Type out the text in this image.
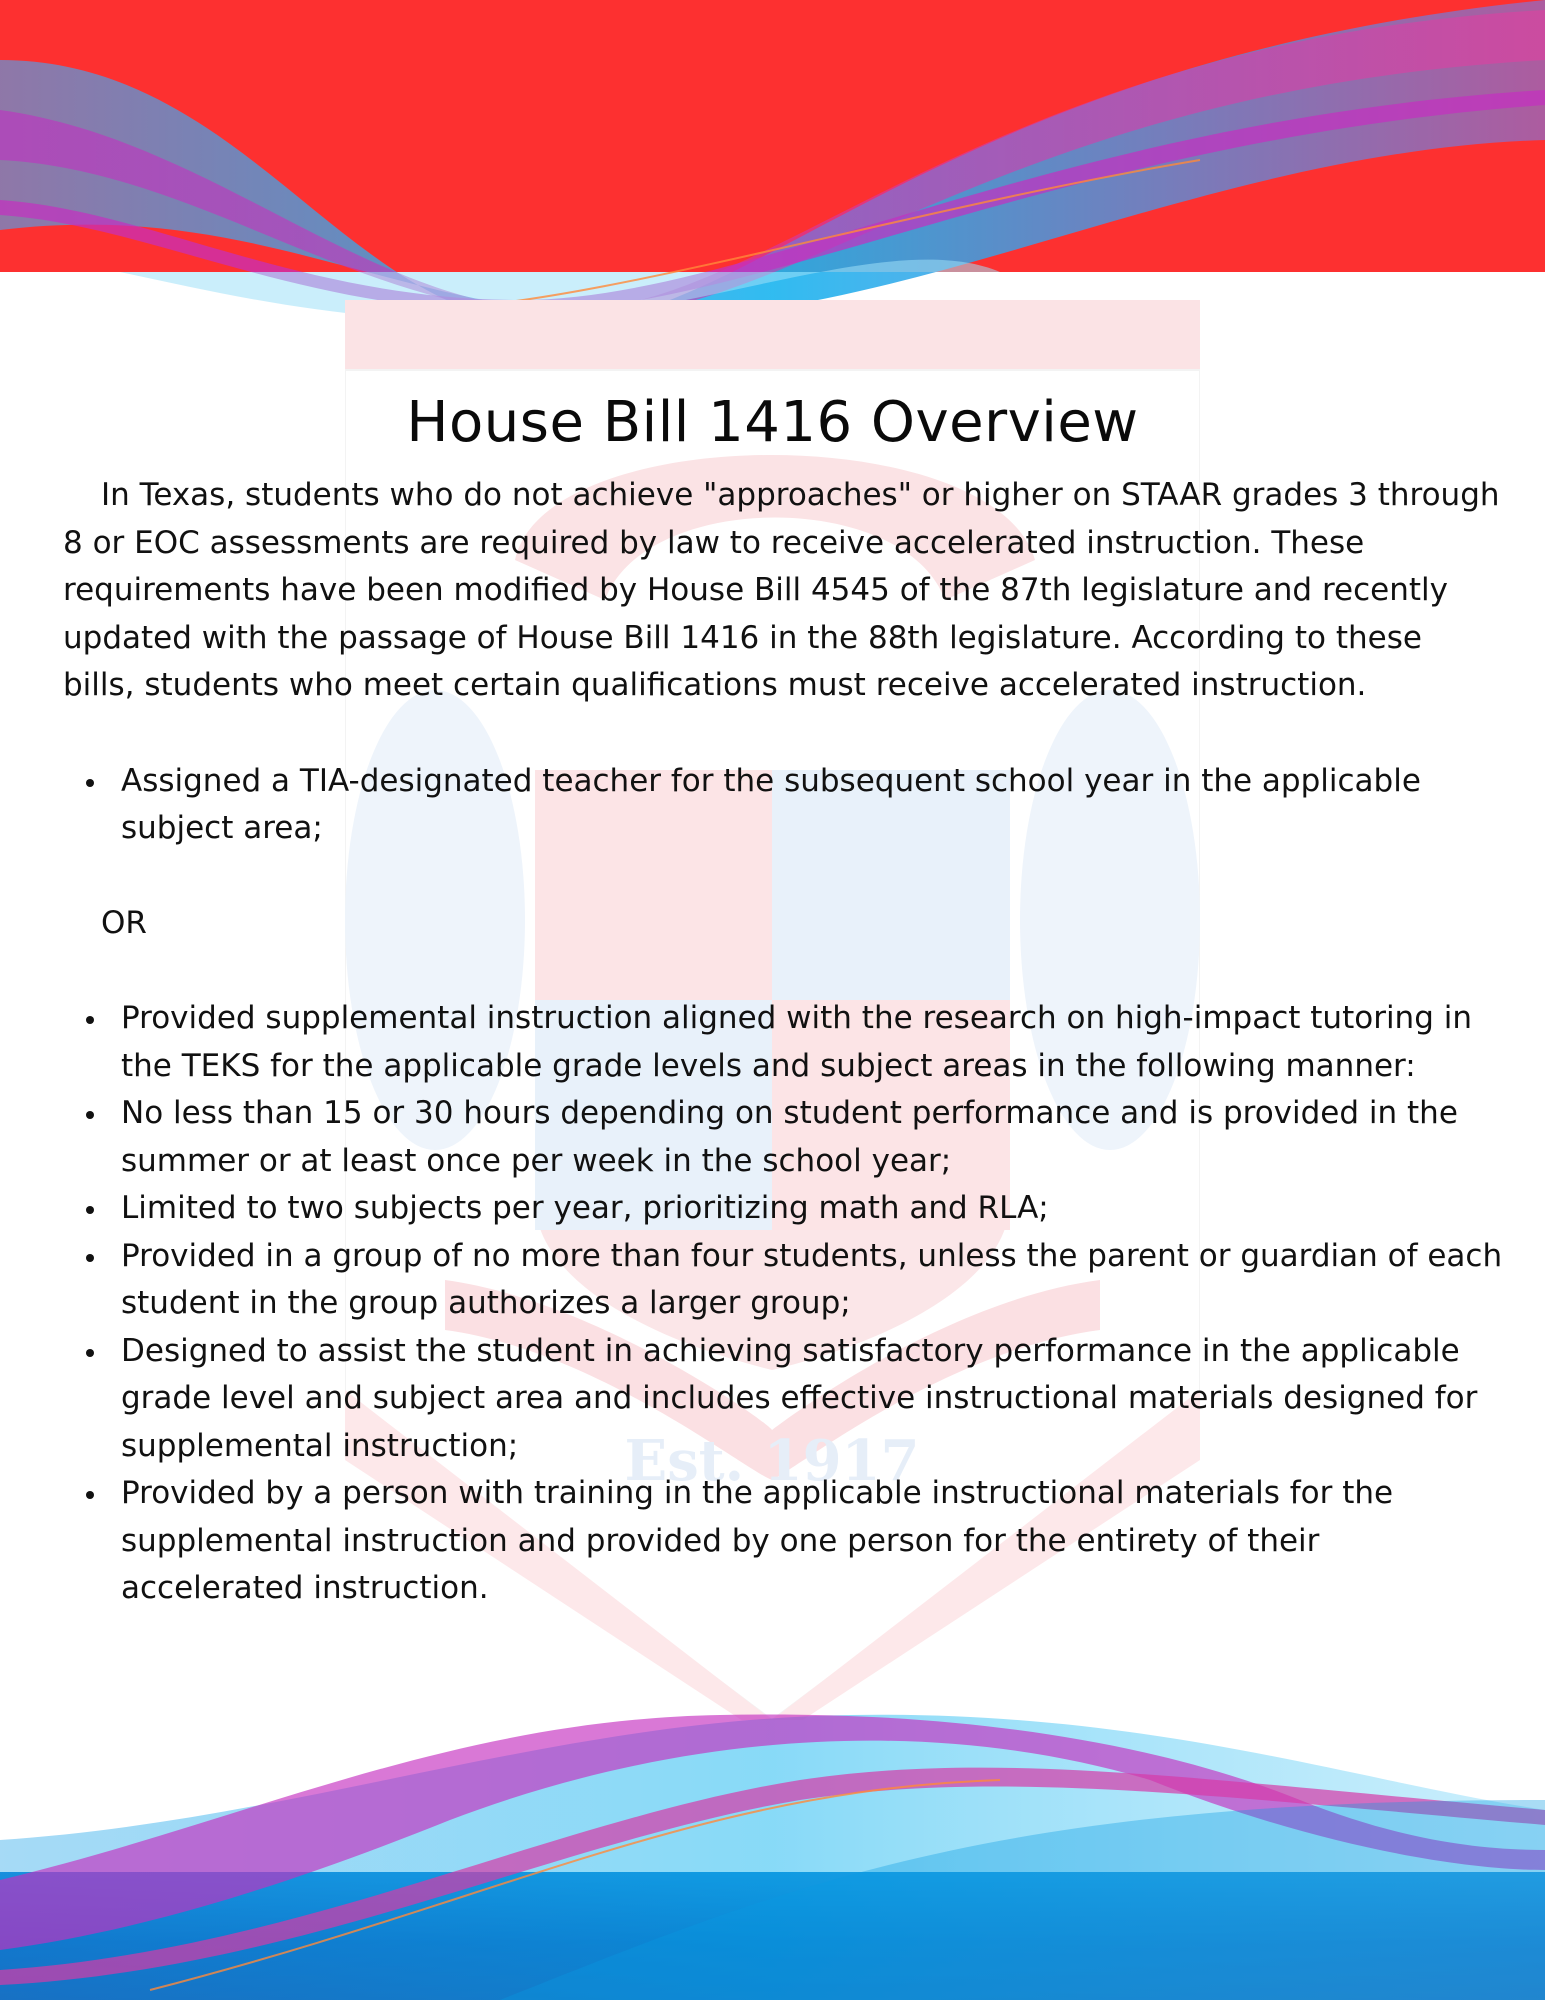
Est. 1917
House Bill 1416 Overview

In Texas, students who do not achieve "approaches" or higher on STAAR grades 3 through 8 or EOC assessments are required by law to receive accelerated instruction. These requirements have been modified by House Bill 4545 of the 87th legislature and recently updated with the passage of House Bill 1416 in the 88th legislature. According to these bills, students who meet certain qualifications must receive accelerated instruction.

Assigned a TIA-designated teacher for the subsequent school year in the applicable subject area;
OR
Provided supplemental instruction aligned with the research on high-impact tutoring in the TEKS for the applicable grade levels and subject areas in the following manner:
No less than 15 or 30 hours depending on student performance and is provided in the summer or at least once per week in the school year;
Limited to two subjects per year, prioritizing math and RLA;
Provided in a group of no more than four students, unless the parent or guardian of each student in the group authorizes a larger group;
Designed to assist the student in achieving satisfactory performance in the applicable grade level and subject area and includes effective instructional materials designed for supplemental instruction;
Provided by a person with training in the applicable instructional materials for the supplemental instruction and provided by one person for the entirety of their accelerated instruction.
